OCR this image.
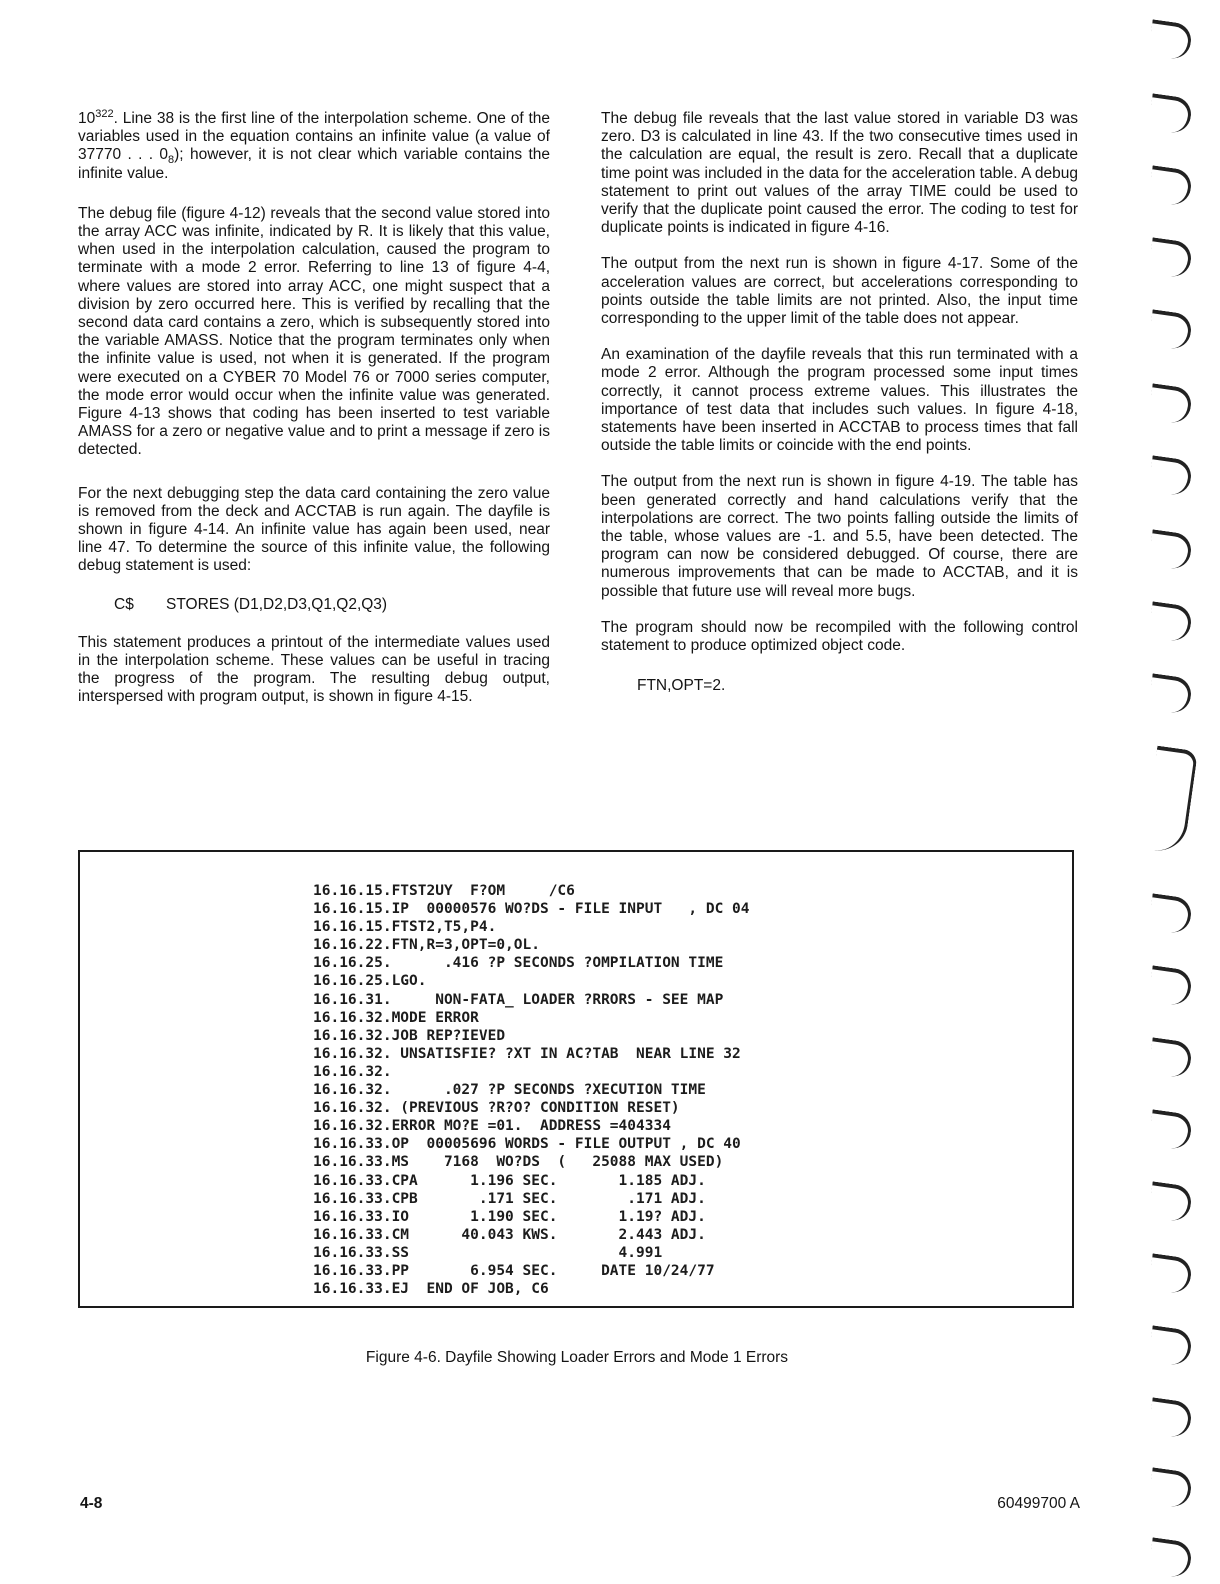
$10^{322}$. Line 38 is the first line of the interpolation scheme. One of the variables used in the equation contains an infinite value (a value of 37770 . . . $0_8$); however, it is not clear which variable contains the infinite value.

The debug file (figure 4-12) reveals that the second value stored into the array ACC was infinite, indicated by R. It is likely that this value, when used in the interpolation calculation, caused the program to terminate with a mode 2 error. Referring to line 13 of figure 4-4, where values are stored into array ACC, one might suspect that a division by zero occurred here. This is verified by recalling that the second data card contains a zero, which is subsequently stored into the variable AMASS. Notice that the program terminates only when the infinite value is used, not when it is generated. If the program were executed on a CYBER 70 Model 76 or 7000 series computer, the mode error would occur when the infinite value was generated. Figure 4-13 shows that coding has been inserted to test variable AMASS for a zero or negative value and to print a message if zero is detected.

For the next debugging step the data card containing the zero value is removed from the deck and ACCTAB is run again. The dayfile is shown in figure 4-14. An infinite value has again been used, near line 47. To determine the source of this infinite value, the following debug statement is used:

C$ STORES (D1,D2,D3,Q1,Q2,Q3)

This statement produces a printout of the intermediate values used in the interpolation scheme. These values can be useful in tracing the progress of the program. The resulting debug output, interspersed with program output, is shown in figure 4-15.

The debug file reveals that the last value stored in variable D3 was zero. D3 is calculated in line 43. If the two consecutive times used in the calculation are equal, the result is zero. Recall that a duplicate time point was included in the data for the acceleration table. A debug statement to print out values of the array TIME could be used to verify that the duplicate point caused the error. The coding to test for duplicate points is indicated in figure 4-16.

The output from the next run is shown in figure 4-17. Some of the acceleration values are correct, but accelerations corresponding to points outside the table limits are not printed. Also, the input time corresponding to the upper limit of the table does not appear.

An examination of the dayfile reveals that this run terminated with a mode 2 error. Although the program processed some input times correctly, it cannot process extreme values. This illustrates the importance of test data that includes such values. In figure 4-18, statements have been inserted in ACCTAB to process times that fall outside the table limits or coincide with the end points.

The output from the next run is shown in figure 4-19. The table has been generated correctly and hand calculations verify that the interpolations are correct. The two points falling outside the limits of the table, whose values are -1. and 5.5, have been detected. The program can now be considered debugged. Of course, there are numerous improvements that can be made to ACCTAB, and it is possible that future use will reveal more bugs.

The program should now be recompiled with the following control statement to produce optimized object code.

FTN,OPT=2.
16.16.15.FTST2UY  F?OM     /C6
16.16.15.IP  00000576 WO?DS - FILE INPUT   , DC 04
16.16.15.FTST2,T5,P4.
16.16.22.FTN,R=3,OPT=0,OL.
16.16.25.      .416 ?P SECONDS ?OMPILATION TIME
16.16.25.LGO.
16.16.31.     NON-FATA_ LOADER ?RRORS - SEE MAP
16.16.32.MODE ERROR
16.16.32.JOB REP?IEVED
16.16.32. UNSATISFIE? ?XT IN AC?TAB  NEAR LINE 32
16.16.32.
16.16.32.      .027 ?P SECONDS ?XECUTION TIME
16.16.32. (PREVIOUS ?R?O? CONDITION RESET)
16.16.32.ERROR MO?E =01.  ADDRESS =404334
16.16.33.OP  00005696 WORDS - FILE OUTPUT , DC 40
16.16.33.MS    7168  WO?DS  (   25088 MAX USED)
16.16.33.CPA      1.196 SEC.       1.185 ADJ.
16.16.33.CPB       .171 SEC.        .171 ADJ.
16.16.33.IO       1.190 SEC.       1.19? ADJ.
16.16.33.CM      40.043 KWS.       2.443 ADJ.
16.16.33.SS                        4.991
16.16.33.PP       6.954 SEC.     DATE 10/24/77
16.16.33.EJ  END OF JOB, C6
Figure 4-6. Dayfile Showing Loader Errors and Mode 1 Errors
4-8	60499700 A
